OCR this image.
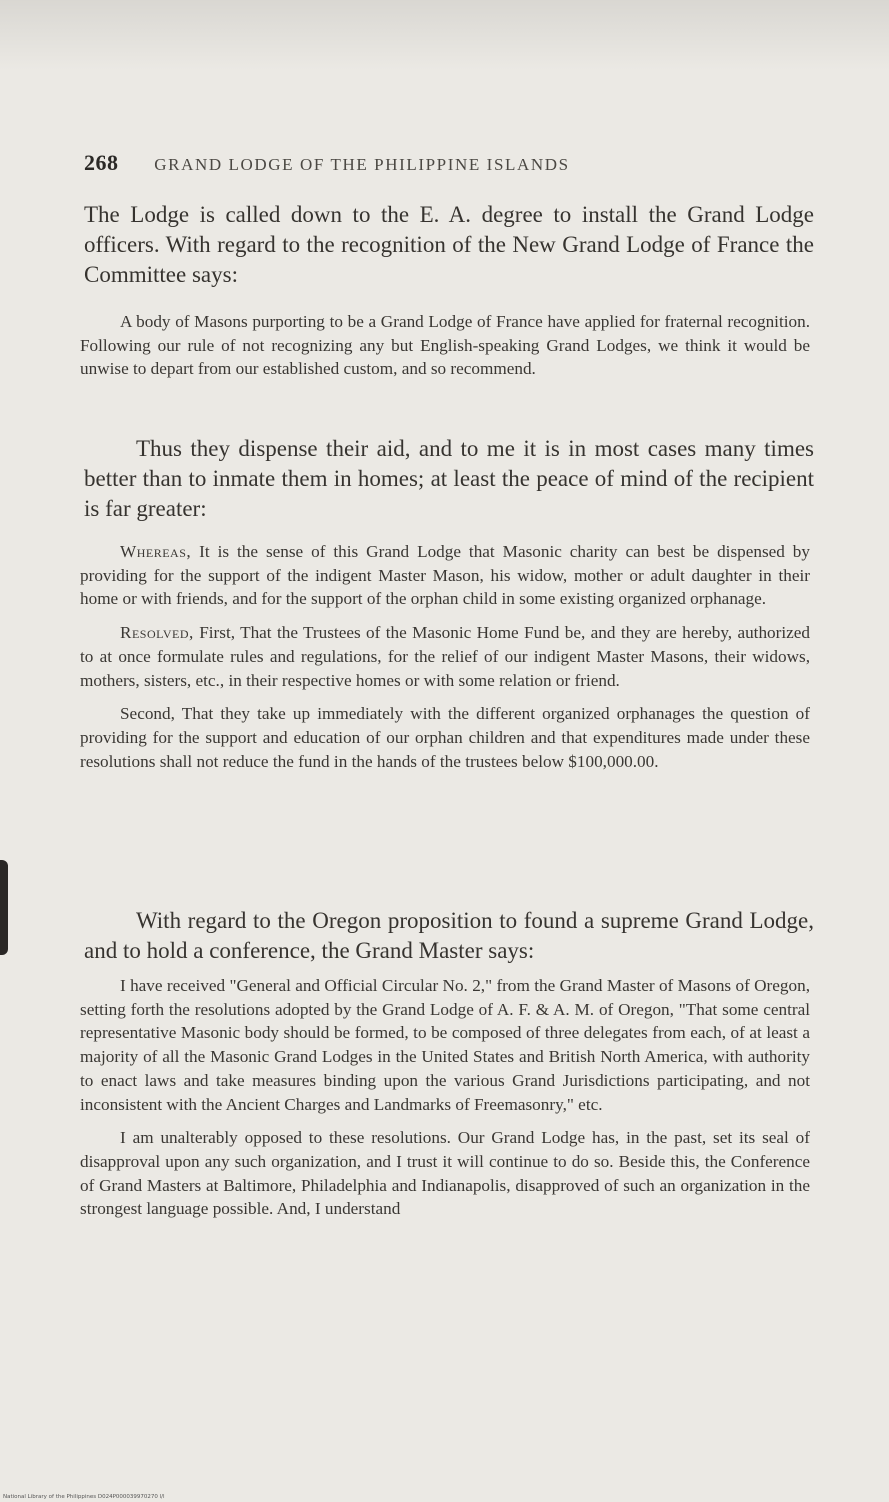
268 GRAND LODGE OF THE PHILIPPINE ISLANDS

The Lodge is called down to the E. A. degree to install the Grand Lodge officers. With regard to the recognition of the New Grand Lodge of France the Committee says:

A body of Masons purporting to be a Grand Lodge of France have applied for fraternal recognition. Following our rule of not recognizing any but English-speaking Grand Lodges, we think it would be unwise to depart from our established custom, and so recommend.

Thus they dispense their aid, and to me it is in most cases many times better than to inmate them in homes; at least the peace of mind of the recipient is far greater:

Whereas, It is the sense of this Grand Lodge that Masonic charity can best be dispensed by providing for the support of the indigent Master Mason, his widow, mother or adult daughter in their home or with friends, and for the support of the orphan child in some existing organized orphanage.

Resolved, First, That the Trustees of the Masonic Home Fund be, and they are hereby, authorized to at once formulate rules and regulations, for the relief of our indigent Master Masons, their widows, mothers, sisters, etc., in their respective homes or with some relation or friend.

Second, That they take up immediately with the different organized orphanages the question of providing for the support and education of our orphan children and that expenditures made under these resolutions shall not reduce the fund in the hands of the trustees below $100,000.00.

With regard to the Oregon proposition to found a supreme Grand Lodge, and to hold a conference, the Grand Master says:

I have received "General and Official Circular No. 2," from the Grand Master of Masons of Oregon, setting forth the resolutions adopted by the Grand Lodge of A. F. & A. M. of Oregon, "That some central representative Masonic body should be formed, to be composed of three delegates from each, of at least a majority of all the Masonic Grand Lodges in the United States and British North America, with authority to enact laws and take measures binding upon the various Grand Jurisdictions participating, and not inconsistent with the Ancient Charges and Landmarks of Freemasonry," etc.

I am unalterably opposed to these resolutions. Our Grand Lodge has, in the past, set its seal of disapproval upon any such organization, and I trust it will continue to do so. Beside this, the Conference of Grand Masters at Baltimore, Philadelphia and Indianapolis, disapproved of such an organization in the strongest language possible. And, I understand

National Library of the Philippines D024P000039970270 l/l
